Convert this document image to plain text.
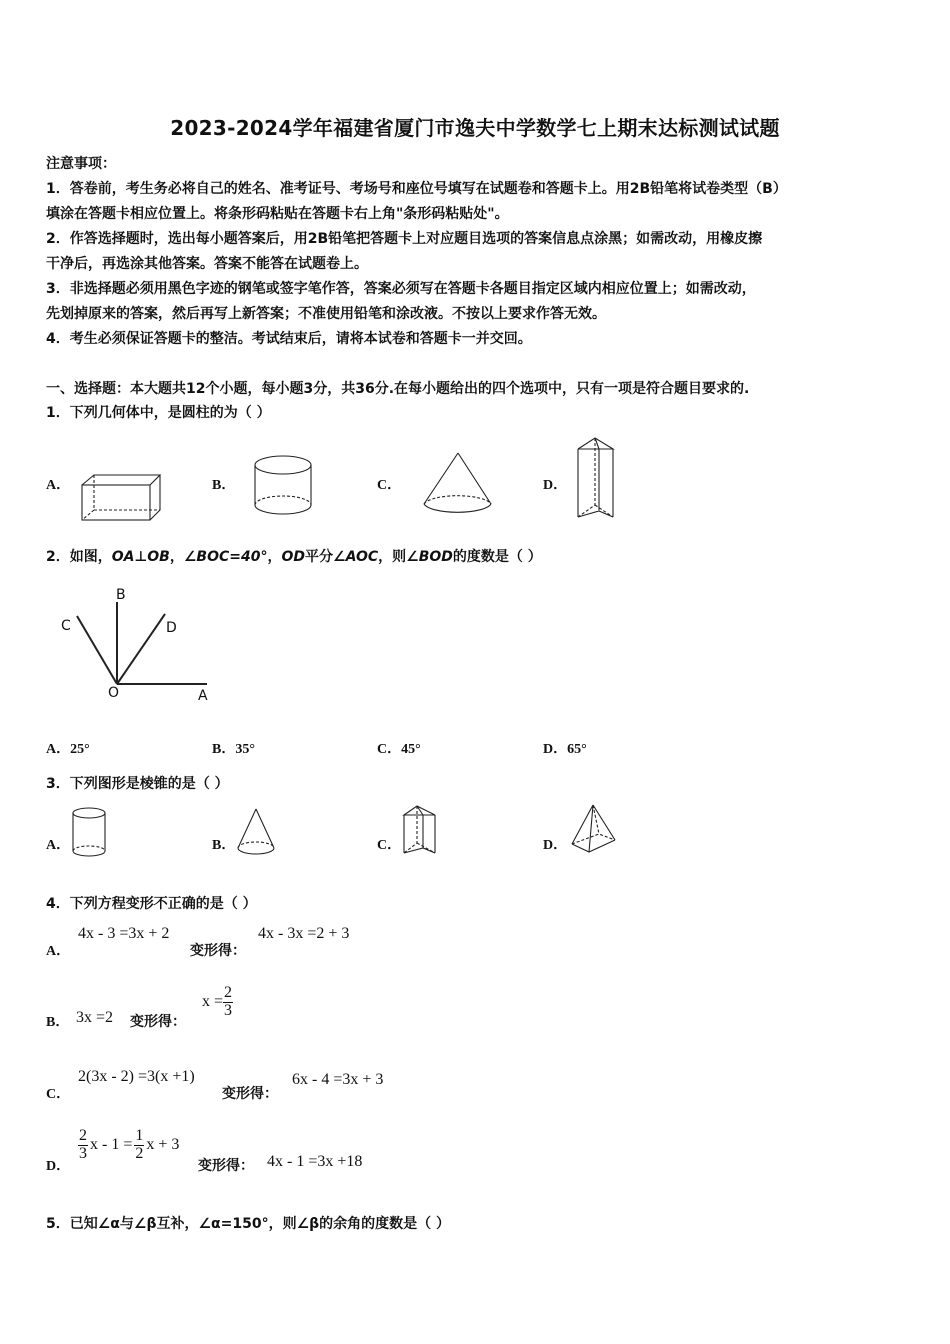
2023-2024学年福建省厦门市逸夫中学数学七上期末达标测试试题
注意事项：
1．答卷前，考生务必将自己的姓名、准考证号、考场号和座位号填写在试题卷和答题卡上。用2B铅笔将试卷类型（B）
填涂在答题卡相应位置上。将条形码粘贴在答题卡右上角"条形码粘贴处"。
2．作答选择题时，选出每小题答案后，用2B铅笔把答题卡上对应题目选项的答案信息点涂黑；如需改动，用橡皮擦
干净后，再选涂其他答案。答案不能答在试题卷上。
3．非选择题必须用黑色字迹的钢笔或签字笔作答，答案必须写在答题卡各题目指定区域内相应位置上；如需改动，
先划掉原来的答案，然后再写上新答案；不准使用铅笔和涂改液。不按以上要求作答无效。
4．考生必须保证答题卡的整洁。考试结束后，请将本试卷和答题卡一并交回。
一、选择题：本大题共12个小题，每小题3分，共36分.在每小题给出的四个选项中，只有一项是符合题目要求的.
1．下列几何体中，是圆柱的为（ ）
A．	B．	C．	D．
2．如图，OA⊥OB，∠BOC=40°，OD平分∠AOC，则∠BOD的度数是（ ）
B
C	D
O	A
A．25°	B．35°	C．45°	D．65°
3．下列图形是棱锥的是（ ）
A．	B．	C．	D．
4．下列方程变形不正确的是（ ）
A．
4x - 3 =3x + 2
变形得：
4x - 3x =2 + 3
B． 3x =2 变形得：
$x = \frac{2}{3}$
C．
2(3x - 2) =3(x +1)
变形得：
6x - 4 =3x + 3
D．
$\frac{2}{3}$ $x - 1 = \frac{1}{2}$ x + 3
变形得： 4x - 1 =3x +18
5．已知∠α与∠β互补，∠α=150°，则∠β的余角的度数是（ ）
